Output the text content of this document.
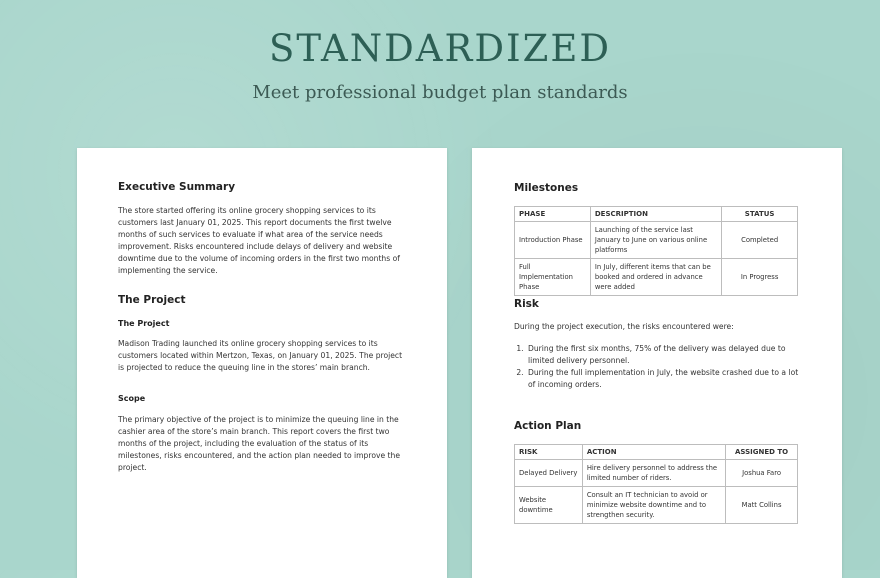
STANDARDIZED
Meet professional budget plan standards
Executive Summary
The store started offering its online grocery shopping services to its customers last January 01, 2025. This report documents the first twelve months of such services to evaluate if what area of the service needs improvement. Risks encountered include delays of delivery and website downtime due to the volume of incoming orders in the first two months of implementing the service.
The Project
The Project
Madison Trading launched its online grocery shopping services to its customers located within Mertzon, Texas, on January 01, 2025. The project is projected to reduce the queuing line in the stores’ main branch.
Scope
The primary objective of the project is to minimize the queuing line in the cashier area of the store’s main branch. This report covers the first two months of the project, including the evaluation of the status of its milestones, risks encountered, and the action plan needed to improve the project.
Milestones
PHASE	DESCRIPTION	STATUS
Introduction Phase	Launching of the service last January to June on various online platforms	Completed
Full Implementation Phase	In July, different items that can be booked and ordered in advance were added	In Progress
Risk
During the project execution, the risks encountered were:
1. During the first six months, 75% of the delivery was delayed due to limited delivery personnel.
2. During the full implementation in July, the website crashed due to a lot of incoming orders.
Action Plan
RISK	ACTION	ASSIGNED TO
Delayed Delivery	Hire delivery personnel to address the limited number of riders.	Joshua Faro
Website downtime	Consult an IT technician to avoid or minimize website downtime and to strengthen security.	Matt Collins
